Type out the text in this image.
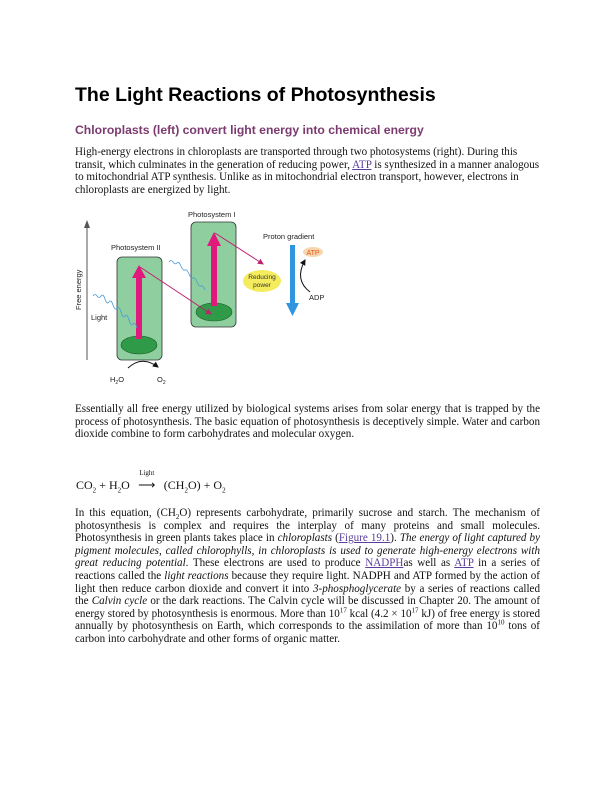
The Light Reactions of Photosynthesis
Chloroplasts (left) convert light energy into chemical energy

High-energy electrons in chloroplasts are transported through two photosystems (right). During this transit, which culminates in the generation of reducing power, ATP is synthesized in a manner analogous to mitochondrial ATP synthesis. Unlike as in mitochondrial electron transport, however, electrons in chloroplasts are energized by light.

Free energy
Light
Photosystem II
Photosystem I
Reducing
power
Proton gradient
ATP
ADP
$H_2O$	$O_2$

Essentially all free energy utilized by biological systems arises from solar energy that is trapped by the process of photosynthesis. The basic equation of photosynthesis is deceptively simple. Water and carbon dioxide combine to form carbohydrates and molecular oxygen.

$CO_2 + H_2O$
Light
⟶ $(CH_2O) + O_2$

In this equation, $(CH_2O)$ represents carbohydrate, primarily sucrose and starch. The mechanism of photosynthesis is complex and requires the interplay of many proteins and small molecules. Photosynthesis in green plants takes place in chloroplasts (Figure 19.1). The energy of light captured by pigment molecules, called chlorophylls, in chloroplasts is used to generate high-energy electrons with great reducing potential. These electrons are used to produce NADPHas well as ATP in a series of reactions called the light reactions because they require light. NADPH and ATP formed by the action of light then reduce carbon dioxide and convert it into 3-phosphoglycerate by a series of reactions called the Calvin cycle or the dark reactions. The Calvin cycle will be discussed in Chapter 20. The amount of energy stored by photosynthesis is enormous. More than $10^{17}$ kcal ($4.2 \times 10^{17}$ kJ) of free energy is stored annually by photosynthesis on Earth, which corresponds to the assimilation of more than $10^{10}$ tons of carbon into carbohydrate and other forms of organic matter.
